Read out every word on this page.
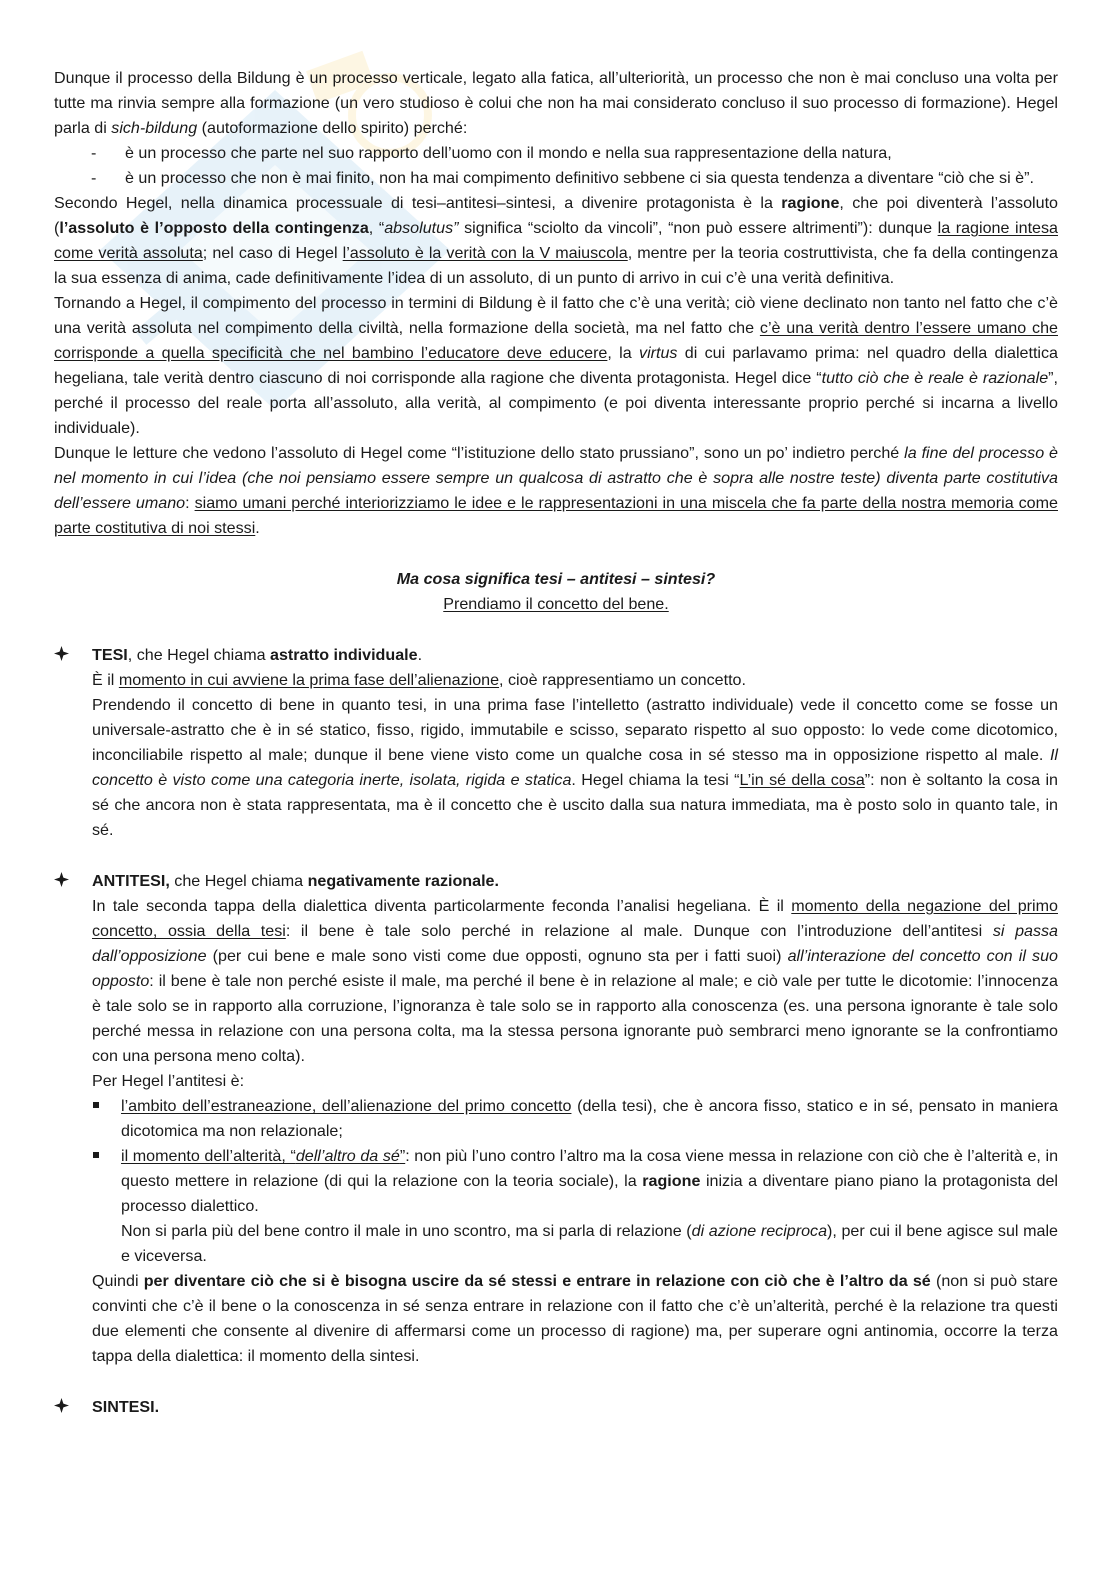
Dunque il processo della Bildung è un processo verticale, legato alla fatica, all’ulteriorità, un processo che non è mai concluso una volta per tutte ma rinvia sempre alla formazione (un vero studioso è colui che non ha mai considerato concluso il suo processo di formazione). Hegel parla di sich-bildung (autoformazione dello spirito) perché:

- è un processo che parte nel suo rapporto dell’uomo con il mondo e nella sua rappresentazione della natura,
- è un processo che non è mai finito, non ha mai compimento definitivo sebbene ci sia questa tendenza a diventare “ciò che si è”.

Secondo Hegel, nella dinamica processuale di tesi–antitesi–sintesi, a divenire protagonista è la ragione, che poi diventerà l’assoluto (l’assoluto è l’opposto della contingenza, “absolutus” significa “sciolto da vincoli”, “non può essere altrimenti”): dunque la ragione intesa come verità assoluta; nel caso di Hegel l’assoluto è la verità con la V maiuscola, mentre per la teoria costruttivista, che fa della contingenza la sua essenza di anima, cade definitivamente l’idea di un assoluto, di un punto di arrivo in cui c’è una verità definitiva.

Tornando a Hegel, il compimento del processo in termini di Bildung è il fatto che c’è una verità; ciò viene declinato non tanto nel fatto che c’è una verità assoluta nel compimento della civiltà, nella formazione della società, ma nel fatto che c’è una verità dentro l’essere umano che corrisponde a quella specificità che nel bambino l’educatore deve educere, la virtus di cui parlavamo prima: nel quadro della dialettica hegeliana, tale verità dentro ciascuno di noi corrisponde alla ragione che diventa protagonista. Hegel dice “tutto ciò che è reale è razionale”, perché il processo del reale porta all’assoluto, alla verità, al compimento (e poi diventa interessante proprio perché si incarna a livello individuale).

Dunque le letture che vedono l’assoluto di Hegel come “l’istituzione dello stato prussiano”, sono un po’ indietro perché la fine del processo è nel momento in cui l’idea (che noi pensiamo essere sempre un qualcosa di astratto che è sopra alle nostre teste) diventa parte costitutiva dell’essere umano: siamo umani perché interiorizziamo le idee e le rappresentazioni in una miscela che fa parte della nostra memoria come parte costitutiva di noi stessi.

Ma cosa significa tesi – antitesi – sintesi?

Prendiamo il concetto del bene.

TESI, che Hegel chiama astratto individuale.

È il momento in cui avviene la prima fase dell’alienazione, cioè rappresentiamo un concetto.

Prendendo il concetto di bene in quanto tesi, in una prima fase l’intelletto (astratto individuale) vede il concetto come se fosse un universale-astratto che è in sé statico, fisso, rigido, immutabile e scisso, separato rispetto al suo opposto: lo vede come dicotomico, inconciliabile rispetto al male; dunque il bene viene visto come un qualche cosa in sé stesso ma in opposizione rispetto al male. Il concetto è visto come una categoria inerte, isolata, rigida e statica. Hegel chiama la tesi “L’in sé della cosa”: non è soltanto la cosa in sé che ancora non è stata rappresentata, ma è il concetto che è uscito dalla sua natura immediata, ma è posto solo in quanto tale, in sé.

ANTITESI, che Hegel chiama negativamente razionale.

In tale seconda tappa della dialettica diventa particolarmente feconda l’analisi hegeliana. È il momento della negazione del primo concetto, ossia della tesi: il bene è tale solo perché in relazione al male. Dunque con l’introduzione dell’antitesi si passa dall’opposizione (per cui bene e male sono visti come due opposti, ognuno sta per i fatti suoi) all’interazione del concetto con il suo opposto: il bene è tale non perché esiste il male, ma perché il bene è in relazione al male; e ciò vale per tutte le dicotomie: l’innocenza è tale solo se in rapporto alla corruzione, l’ignoranza è tale solo se in rapporto alla conoscenza (es. una persona ignorante è tale solo perché messa in relazione con una persona colta, ma la stessa persona ignorante può sembrarci meno ignorante se la confrontiamo con una persona meno colta).

Per Hegel l’antitesi è:

l’ambito dell’estraneazione, dell’alienazione del primo concetto (della tesi), che è ancora fisso, statico e in sé, pensato in maniera dicotomica ma non relazionale;
il momento dell’alterità, “dell’altro da sé”: non più l’uno contro l’altro ma la cosa viene messa in relazione con ciò che è l’alterità e, in questo mettere in relazione (di qui la relazione con la teoria sociale), la ragione inizia a diventare piano piano la protagonista del processo dialettico.

Non si parla più del bene contro il male in uno scontro, ma si parla di relazione (di azione reciproca), per cui il bene agisce sul male e viceversa.

Quindi per diventare ciò che si è bisogna uscire da sé stessi e entrare in relazione con ciò che è l’altro da sé (non si può stare convinti che c’è il bene o la conoscenza in sé senza entrare in relazione con il fatto che c’è un’alterità, perché è la relazione tra questi due elementi che consente al divenire di affermarsi come un processo di ragione) ma, per superare ogni antinomia, occorre la terza tappa della dialettica: il momento della sintesi.

SINTESI.
